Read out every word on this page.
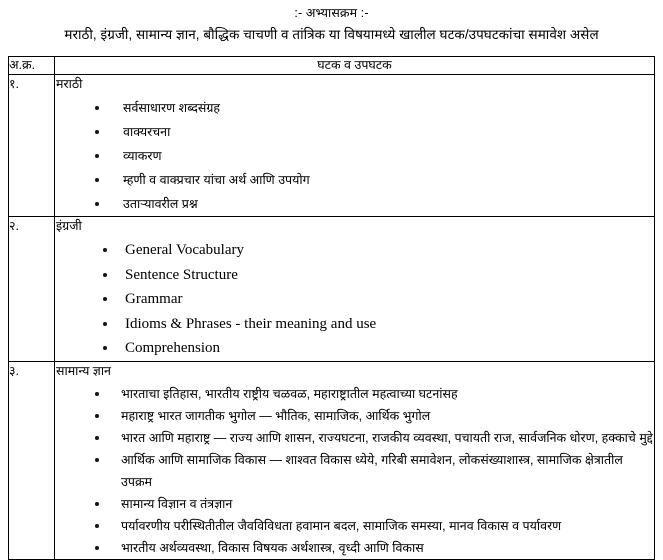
:- अभ्यासक्रम :-
मराठी, इंग्रजी, सामान्य ज्ञान, बौद्धिक चाचणी व तांत्रिक या विषयामध्ये खालील घटक/उपघटकांचा समावेश असेल
अ.क्र.	घटक व उपघटक
१.	मराठी
सर्वसाधारण शब्दसंग्रह
वाक्यरचना
व्याकरण
म्हणी व वाक्प्रचार यांचा अर्थ आणि उपयोग
उताऱ्यावरील प्रश्न

२.	इंग्रजी
General Vocabulary
Sentence Structure
Grammar
Idioms & Phrases - their meaning and use
Comprehension

३.	सामान्य ज्ञान
भारताचा इतिहास, भारतीय राष्ट्रीय चळवळ, महाराष्ट्रातील महत्वाच्या घटनांसह
महाराष्ट्र भारत जागतीक भुगोल — भौतिक, सामाजिक, आर्थिक भुगोल
भारत आणि महाराष्ट्र — राज्य आणि शासन, राज्यघटना, राजकीय व्यवस्था, पचायती राज, सार्वजनिक धोरण, हक्काचे मुद्दे
आर्थिक आणि सामाजिक विकास — शाश्वत विकास ध्येये, गरिबी समावेशन, लोकसंख्याशास्त्र, सामाजिक क्षेत्रातील उपक्रम
सामान्य विज्ञान व तंत्रज्ञान
पर्यावरणीय परीस्थितीतील जैवविविधता हवामान बदल, सामाजिक समस्या, मानव विकास व पर्यावरण
भारतीय अर्थव्यवस्था, विकास विषयक अर्थशास्त्र, वृध्दी आणि विकास
